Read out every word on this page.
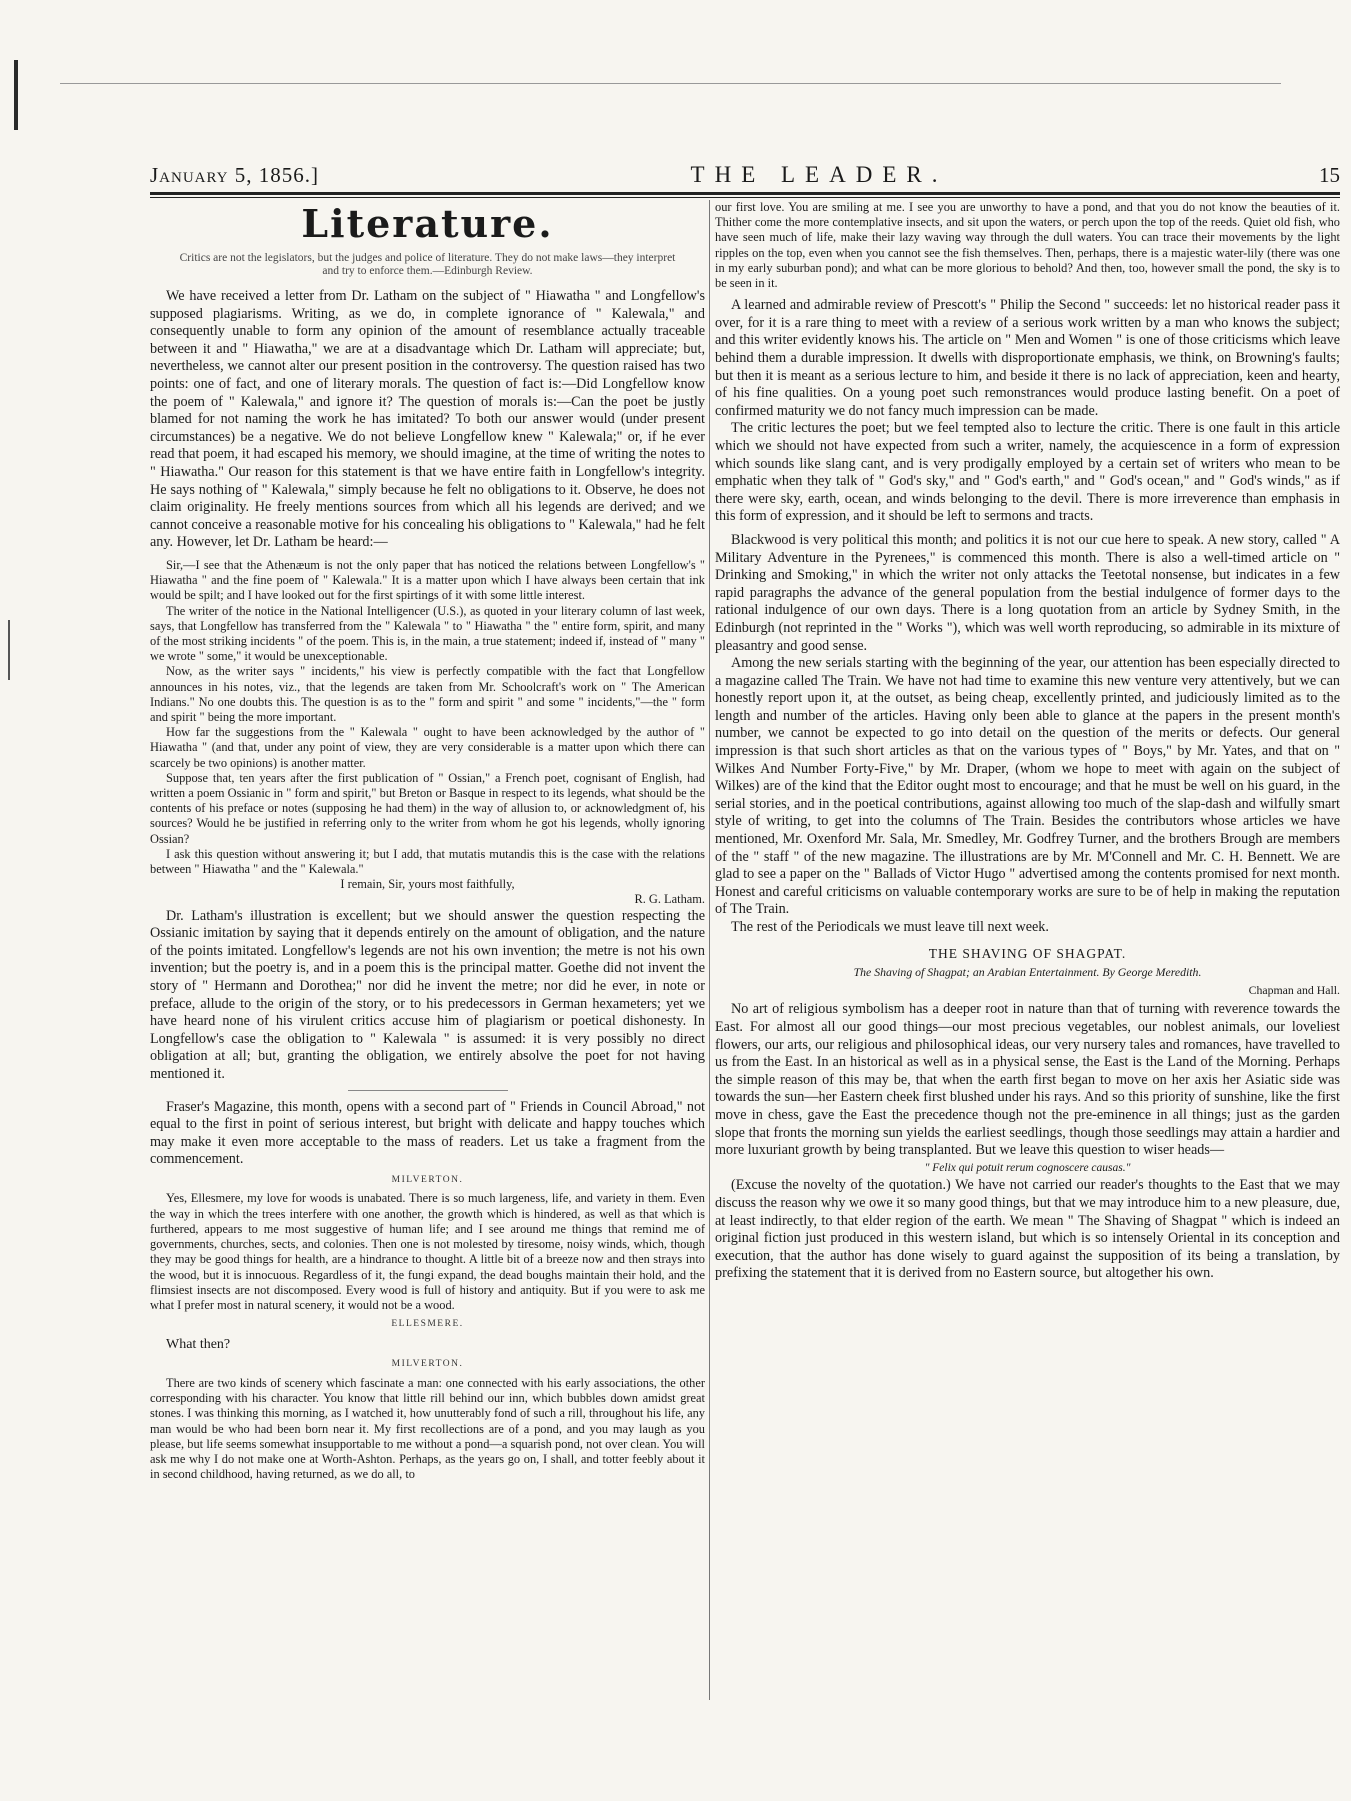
January 5, 1856.]	THE LEADER.	15
Literature.
Critics are not the legislators, but the judges and police of literature. They do not make laws—they interpret and try to enforce them.—Edinburgh Review.

We have received a letter from Dr. Latham on the subject of " Hiawatha " and Longfellow's supposed plagiarisms. Writing, as we do, in complete ignorance of " Kalewala," and consequently unable to form any opinion of the amount of resemblance actually traceable between it and " Hiawatha," we are at a disadvantage which Dr. Latham will appreciate; but, nevertheless, we cannot alter our present position in the controversy. The question raised has two points: one of fact, and one of literary morals. The question of fact is:—Did Longfellow know the poem of " Kalewala," and ignore it? The question of morals is:—Can the poet be justly blamed for not naming the work he has imitated? To both our answer would (under present circumstances) be a negative. We do not believe Longfellow knew " Kalewala;" or, if he ever read that poem, it had escaped his memory, we should imagine, at the time of writing the notes to " Hiawatha." Our reason for this statement is that we have entire faith in Longfellow's integrity. He says nothing of " Kalewala," simply because he felt no obligations to it. Observe, he does not claim originality. He freely mentions sources from which all his legends are derived; and we cannot conceive a reasonable motive for his concealing his obligations to " Kalewala," had he felt any. However, let Dr. Latham be heard:—

Sir,—I see that the Athenæum is not the only paper that has noticed the relations between Longfellow's " Hiawatha " and the fine poem of " Kalewala." It is a matter upon which I have always been certain that ink would be spilt; and I have looked out for the first spirtings of it with some little interest.

The writer of the notice in the National Intelligencer (U.S.), as quoted in your literary column of last week, says, that Longfellow has transferred from the " Kalewala " to " Hiawatha " the " entire form, spirit, and many of the most striking incidents " of the poem. This is, in the main, a true statement; indeed if, instead of " many " we wrote " some," it would be unexceptionable.

Now, as the writer says " incidents," his view is perfectly compatible with the fact that Longfellow announces in his notes, viz., that the legends are taken from Mr. Schoolcraft's work on " The American Indians." No one doubts this. The question is as to the " form and spirit " and some " incidents,"—the " form and spirit " being the more important.

How far the suggestions from the " Kalewala " ought to have been acknowledged by the author of " Hiawatha " (and that, under any point of view, they are very considerable is a matter upon which there can scarcely be two opinions) is another matter.

Suppose that, ten years after the first publication of " Ossian," a French poet, cognisant of English, had written a poem Ossianic in " form and spirit," but Breton or Basque in respect to its legends, what should be the contents of his preface or notes (supposing he had them) in the way of allusion to, or acknowledgment of, his sources? Would he be justified in referring only to the writer from whom he got his legends, wholly ignoring Ossian?

I ask this question without answering it; but I add, that mutatis mutandis this is the case with the relations between " Hiawatha " and the " Kalewala."

I remain, Sir, yours most faithfully,
R. G. Latham.

Dr. Latham's illustration is excellent; but we should answer the question respecting the Ossianic imitation by saying that it depends entirely on the amount of obligation, and the nature of the points imitated. Longfellow's legends are not his own invention; the metre is not his own invention; but the poetry is, and in a poem this is the principal matter. Goethe did not invent the story of " Hermann and Dorothea;" nor did he invent the metre; nor did he ever, in note or preface, allude to the origin of the story, or to his predecessors in German hexameters; yet we have heard none of his virulent critics accuse him of plagiarism or poetical dishonesty. In Longfellow's case the obligation to " Kalewala " is assumed: it is very possibly no direct obligation at all; but, granting the obligation, we entirely absolve the poet for not having mentioned it.

Fraser's Magazine, this month, opens with a second part of " Friends in Council Abroad," not equal to the first in point of serious interest, but bright with delicate and happy touches which may make it even more acceptable to the mass of readers. Let us take a fragment from the commencement.

MILVERTON.

Yes, Ellesmere, my love for woods is unabated. There is so much largeness, life, and variety in them. Even the way in which the trees interfere with one another, the growth which is hindered, as well as that which is furthered, appears to me most suggestive of human life; and I see around me things that remind me of governments, churches, sects, and colonies. Then one is not molested by tiresome, noisy winds, which, though they may be good things for health, are a hindrance to thought. A little bit of a breeze now and then strays into the wood, but it is innocuous. Regardless of it, the fungi expand, the dead boughs maintain their hold, and the flimsiest insects are not discomposed. Every wood is full of history and antiquity. But if you were to ask me what I prefer most in natural scenery, it would not be a wood.

ELLESMERE.

What then?

MILVERTON.

There are two kinds of scenery which fascinate a man: one connected with his early associations, the other corresponding with his character. You know that little rill behind our inn, which bubbles down amidst great stones. I was thinking this morning, as I watched it, how unutterably fond of such a rill, throughout his life, any man would be who had been born near it. My first recollections are of a pond, and you may laugh as you please, but life seems somewhat insupportable to me without a pond—a squarish pond, not over clean. You will ask me why I do not make one at Worth-Ashton. Perhaps, as the years go on, I shall, and totter feebly about it in second childhood, having returned, as we do all, to

our first love. You are smiling at me. I see you are unworthy to have a pond, and that you do not know the beauties of it. Thither come the more contemplative insects, and sit upon the waters, or perch upon the top of the reeds. Quiet old fish, who have seen much of life, make their lazy waving way through the dull waters. You can trace their movements by the light ripples on the top, even when you cannot see the fish themselves. Then, perhaps, there is a majestic water-lily (there was one in my early suburban pond); and what can be more glorious to behold? And then, too, however small the pond, the sky is to be seen in it.

A learned and admirable review of Prescott's " Philip the Second " succeeds: let no historical reader pass it over, for it is a rare thing to meet with a review of a serious work written by a man who knows the subject; and this writer evidently knows his. The article on " Men and Women " is one of those criticisms which leave behind them a durable impression. It dwells with disproportionate emphasis, we think, on Browning's faults; but then it is meant as a serious lecture to him, and beside it there is no lack of appreciation, keen and hearty, of his fine qualities. On a young poet such remonstrances would produce lasting benefit. On a poet of confirmed maturity we do not fancy much impression can be made.

The critic lectures the poet; but we feel tempted also to lecture the critic. There is one fault in this article which we should not have expected from such a writer, namely, the acquiescence in a form of expression which sounds like slang cant, and is very prodigally employed by a certain set of writers who mean to be emphatic when they talk of " God's sky," and " God's earth," and " God's ocean," and " God's winds," as if there were sky, earth, ocean, and winds belonging to the devil. There is more irreverence than emphasis in this form of expression, and it should be left to sermons and tracts.

Blackwood is very political this month; and politics it is not our cue here to speak. A new story, called " A Military Adventure in the Pyrenees," is commenced this month. There is also a well-timed article on " Drinking and Smoking," in which the writer not only attacks the Teetotal nonsense, but indicates in a few rapid paragraphs the advance of the general population from the bestial indulgence of former days to the rational indulgence of our own days. There is a long quotation from an article by Sydney Smith, in the Edinburgh (not reprinted in the " Works "), which was well worth reproducing, so admirable in its mixture of pleasantry and good sense.

Among the new serials starting with the beginning of the year, our attention has been especially directed to a magazine called The Train. We have not had time to examine this new venture very attentively, but we can honestly report upon it, at the outset, as being cheap, excellently printed, and judiciously limited as to the length and number of the articles. Having only been able to glance at the papers in the present month's number, we cannot be expected to go into detail on the question of the merits or defects. Our general impression is that such short articles as that on the various types of " Boys," by Mr. Yates, and that on " Wilkes And Number Forty-Five," by Mr. Draper, (whom we hope to meet with again on the subject of Wilkes) are of the kind that the Editor ought most to encourage; and that he must be well on his guard, in the serial stories, and in the poetical contributions, against allowing too much of the slap-dash and wilfully smart style of writing, to get into the columns of The Train. Besides the contributors whose articles we have mentioned, Mr. Oxenford Mr. Sala, Mr. Smedley, Mr. Godfrey Turner, and the brothers Brough are members of the " staff " of the new magazine. The illustrations are by Mr. M'Connell and Mr. C. H. Bennett. We are glad to see a paper on the " Ballads of Victor Hugo " advertised among the contents promised for next month. Honest and careful criticisms on valuable contemporary works are sure to be of help in making the reputation of The Train.

The rest of the Periodicals we must leave till next week.

THE SHAVING OF SHAGPAT.
The Shaving of Shagpat; an Arabian Entertainment. By George Meredith.
Chapman and Hall.

No art of religious symbolism has a deeper root in nature than that of turning with reverence towards the East. For almost all our good things—our most precious vegetables, our noblest animals, our loveliest flowers, our arts, our religious and philosophical ideas, our very nursery tales and romances, have travelled to us from the East. In an historical as well as in a physical sense, the East is the Land of the Morning. Perhaps the simple reason of this may be, that when the earth first began to move on her axis her Asiatic side was towards the sun—her Eastern cheek first blushed under his rays. And so this priority of sunshine, like the first move in chess, gave the East the precedence though not the pre-eminence in all things; just as the garden slope that fronts the morning sun yields the earliest seedlings, though those seedlings may attain a hardier and more luxuriant growth by being transplanted. But we leave this question to wiser heads—

" Felix qui potuit rerum cognoscere causas."

(Excuse the novelty of the quotation.) We have not carried our reader's thoughts to the East that we may discuss the reason why we owe it so many good things, but that we may introduce him to a new pleasure, due, at least indirectly, to that elder region of the earth. We mean " The Shaving of Shagpat " which is indeed an original fiction just produced in this western island, but which is so intensely Oriental in its conception and execution, that the author has done wisely to guard against the supposition of its being a translation, by prefixing the statement that it is derived from no Eastern source, but altogether his own.
